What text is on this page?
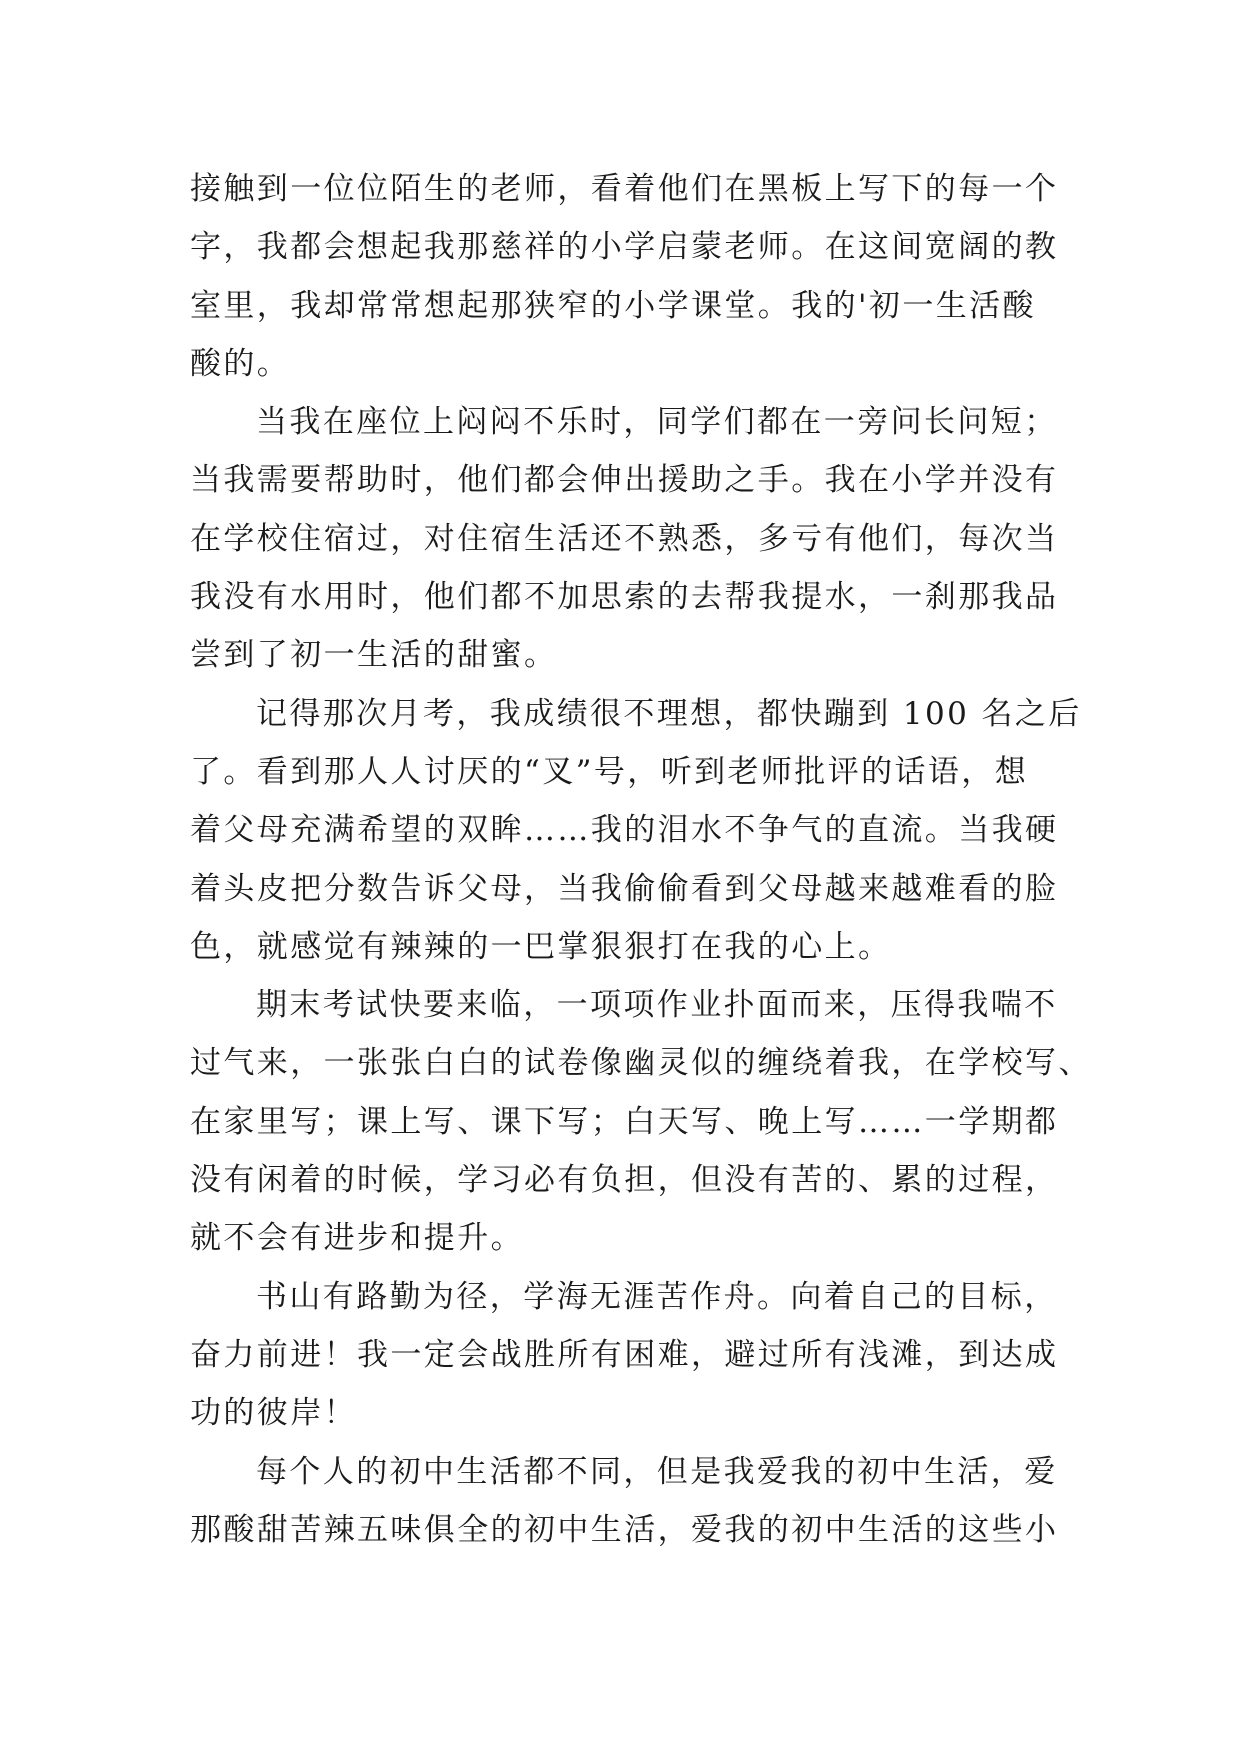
接触到一位位陌生的老师，看着他们在黑板上写下的每一个
字，我都会想起我那慈祥的小学启蒙老师。在这间宽阔的教
室里，我却常常想起那狭窄的小学课堂。我的'初一生活酸
酸的。
当我在座位上闷闷不乐时，同学们都在一旁问长问短；
当我需要帮助时，他们都会伸出援助之手。我在小学并没有
在学校住宿过，对住宿生活还不熟悉，多亏有他们，每次当
我没有水用时，他们都不加思索的去帮我提水，一刹那我品
尝到了初一生活的甜蜜。
记得那次月考，我成绩很不理想，都快蹦到 100 名之后
了。看到那人人讨厌的“叉”号，听到老师批评的话语，想
着父母充满希望的双眸……我的泪水不争气的直流。当我硬
着头皮把分数告诉父母，当我偷偷看到父母越来越难看的脸
色，就感觉有辣辣的一巴掌狠狠打在我的心上。
期末考试快要来临，一项项作业扑面而来，压得我喘不
过气来，一张张白白的试卷像幽灵似的缠绕着我，在学校写、
在家里写；课上写、课下写；白天写、晚上写……一学期都
没有闲着的时候，学习必有负担，但没有苦的、累的过程，
就不会有进步和提升。
书山有路勤为径，学海无涯苦作舟。向着自己的目标，
奋力前进！我一定会战胜所有困难，避过所有浅滩，到达成
功的彼岸！
每个人的初中生活都不同，但是我爱我的初中生活，爱
那酸甜苦辣五味俱全的初中生活，爱我的初中生活的这些小
